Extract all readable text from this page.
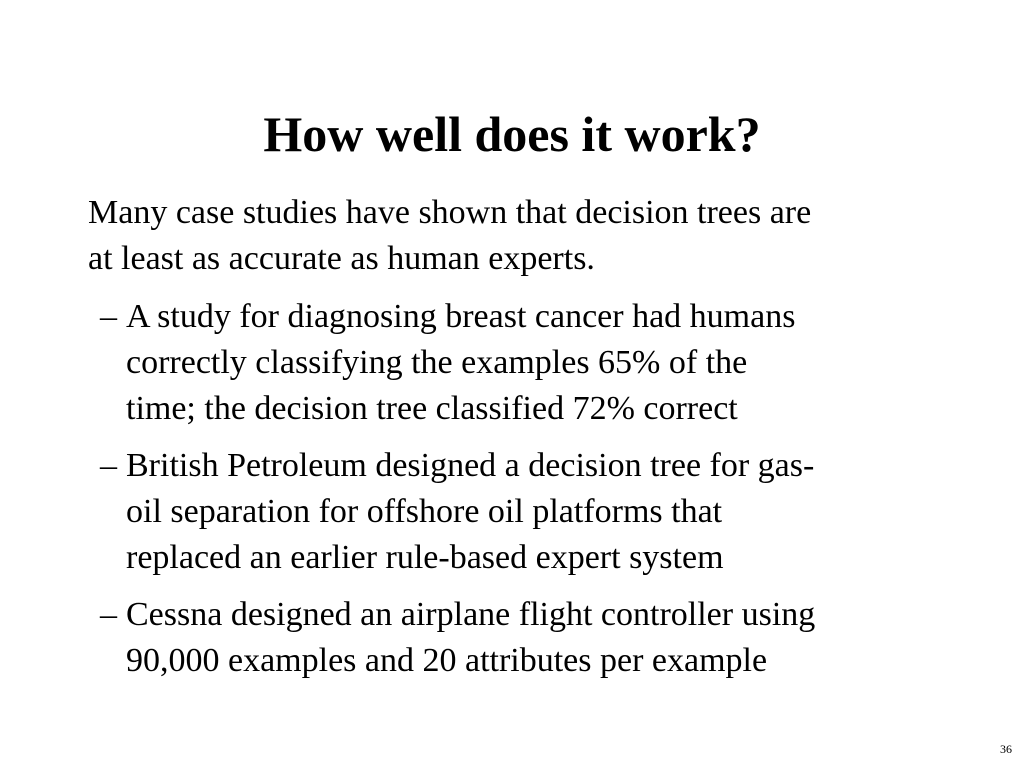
How well does it work?

Many case studies have shown that decision trees are
at least as accurate as human experts.

– A study for diagnosing breast cancer had humans
correctly classifying the examples 65% of the
time; the decision tree classified 72% correct
– British Petroleum designed a decision tree for gas-
oil separation for offshore oil platforms that
replaced an earlier rule-based expert system
– Cessna designed an airplane flight controller using
90,000 examples and 20 attributes per example
36
